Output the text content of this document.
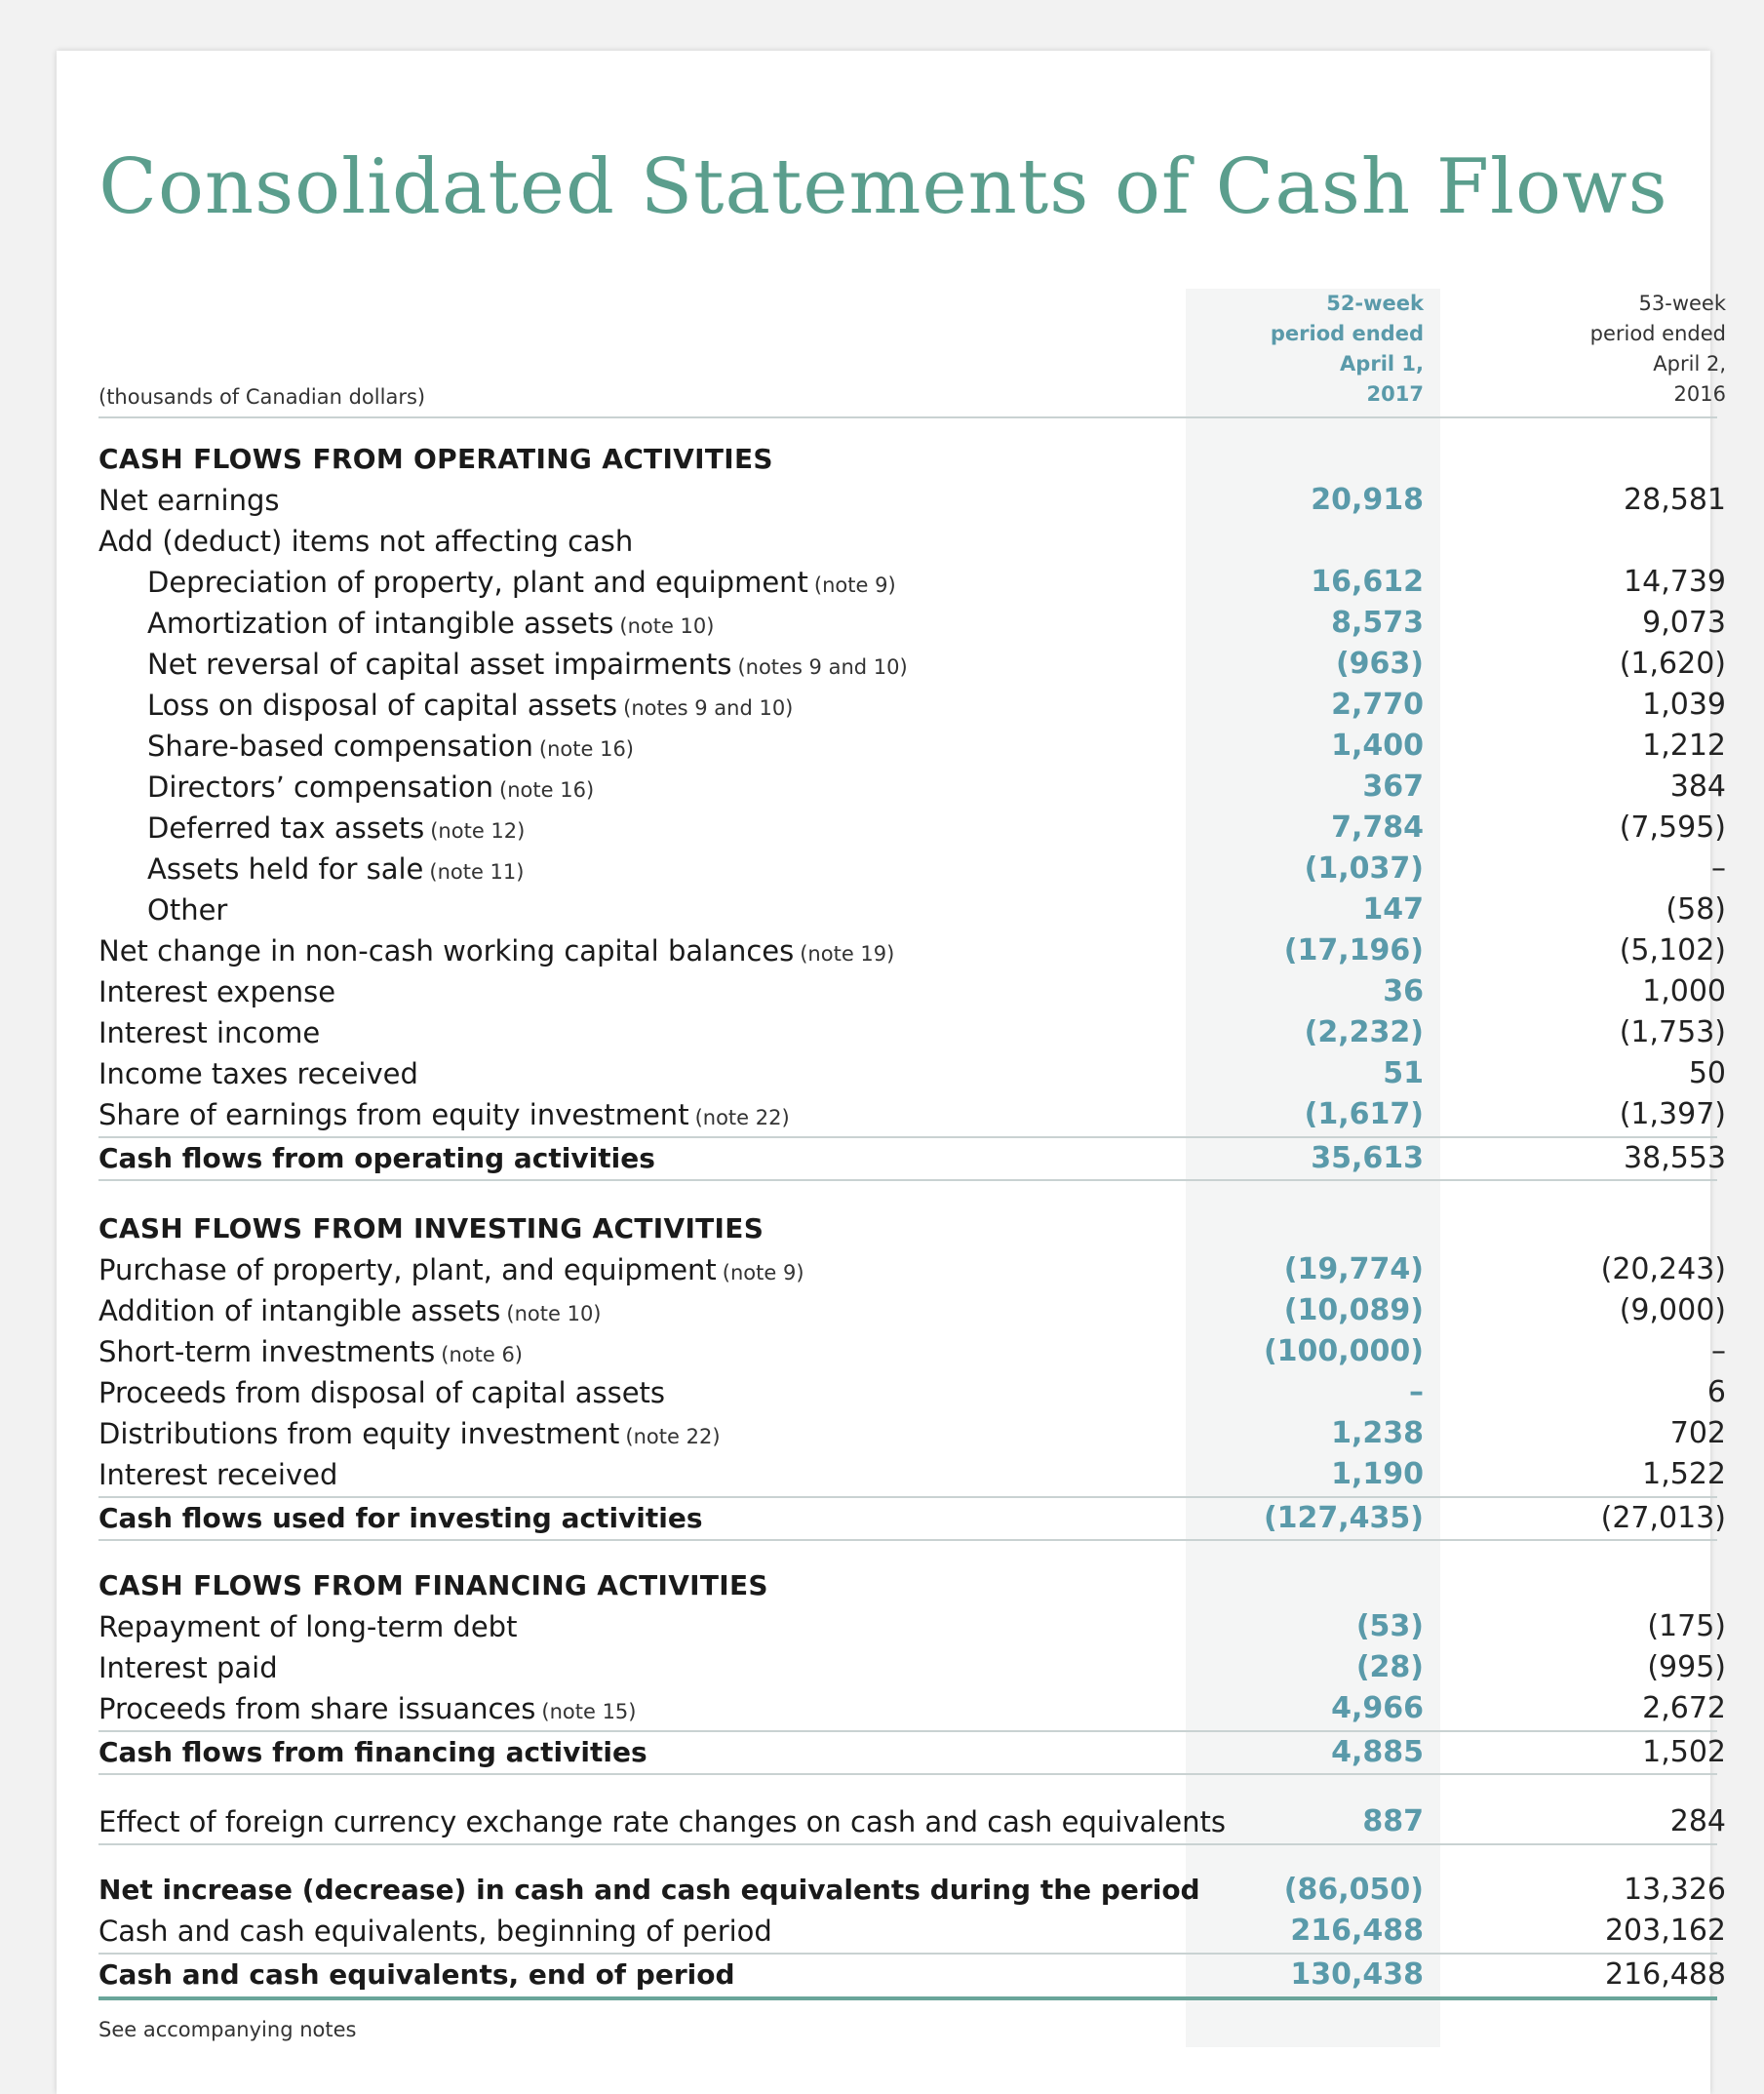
Consolidated Statements of Cash Flows
52-week
period ended
April 1,
2017
53-week
period ended
April 2,
2016
(thousands of Canadian dollars)
CASH FLOWS FROM OPERATING ACTIVITIES
Net earnings	20,918	28,581
Add (deduct) items not affecting cash
Depreciation of property, plant and equipment (note 9)	16,612	14,739
Amortization of intangible assets (note 10)	8,573	9,073
Net reversal of capital asset impairments (notes 9 and 10)	(963)	(1,620)
Loss on disposal of capital assets (notes 9 and 10)	2,770	1,039
Share-based compensation (note 16)	1,400	1,212
Directors’ compensation (note 16)	367	384
Deferred tax assets (note 12)	7,784	(7,595)
Assets held for sale (note 11)	(1,037)	–
Other	147	(58)
Net change in non-cash working capital balances (note 19)	(17,196)	(5,102)
Interest expense	36	1,000
Interest income	(2,232)	(1,753)
Income taxes received	51	50
Share of earnings from equity investment (note 22)	(1,617)	(1,397)
Cash flows from operating activities	35,613	38,553
CASH FLOWS FROM INVESTING ACTIVITIES
Purchase of property, plant, and equipment (note 9)	(19,774)	(20,243)
Addition of intangible assets (note 10)	(10,089)	(9,000)
Short-term investments (note 6)	(100,000)	–
Proceeds from disposal of capital assets	–	6
Distributions from equity investment (note 22)	1,238	702
Interest received	1,190	1,522
Cash flows used for investing activities	(127,435)	(27,013)
CASH FLOWS FROM FINANCING ACTIVITIES
Repayment of long-term debt	(53)	(175)
Interest paid	(28)	(995)
Proceeds from share issuances (note 15)	4,966	2,672
Cash flows from financing activities	4,885	1,502
Effect of foreign currency exchange rate changes on cash and cash equivalents	887	284
Net increase (decrease) in cash and cash equivalents during the period	(86,050)	13,326
Cash and cash equivalents, beginning of period	216,488	203,162
Cash and cash equivalents, end of period	130,438	216,488
See accompanying notes
